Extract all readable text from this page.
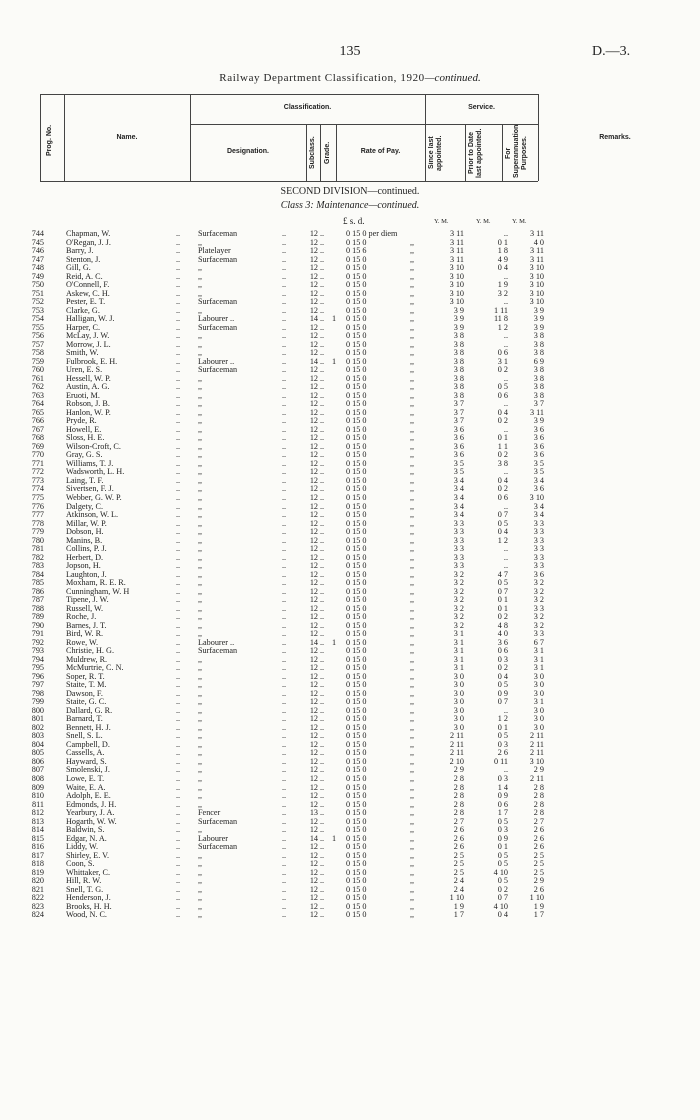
135	D.—3.
Railway Department Classification, 1920—continued.
Prog. No.	Name.
Classification.	Service.
Designation.	Subclass. Grade.	Rate of Pay.	Since last appointed.	Prior to Date last appointed.	For Superannuation Purposes.	Remarks.
SECOND DIVISION—continued.
Class 3: Maintenance—continued.
£ s. d.	Y. M.	Y. M.	Y. M.
744	Chapman, W.	.. Surfaceman	..	12 ..	0 15 0 per diem	3 11	..	3 11
745	O'Regan, J. J.	.. ,,	..	12 ..	0 15 0	,,	3 11	0 1	4 0
746	Barry, J.	.. Platelayer	..	12 ..	0 15 6	,,	3 11	1 8	3 11
747	Stenton, J.	.. Surfaceman	..	12 ..	0 15 0	,,	3 11	4 9	3 11
748	Gill, G.	.. ,,	..	12 ..	0 15 0	,,	3 10	0 4	3 10
749	Reid, A. C.	.. ,,	..	12 ..	0 15 0	,,	3 10	..	3 10
750	O'Connell, F.	.. ,,	..	12 ..	0 15 0	,,	3 10	1 9	3 10
751	Askew, C. H.	.. ,,	..	12 ..	0 15 0	,,	3 10	3 2	3 10
752	Pester, E. T.	.. Surfaceman	..	12 ..	0 15 0	,,	3 10	..	3 10
753	Clarke, G.	.. ,,	..	12 ..	0 15 0	,,	3 9	1 11	3 9
754	Halligan, W. J.	.. Labourer ..	..	14 .. 1 0 15 0	,,	3 9	11 8	3 9
755	Harper, C.	.. Surfaceman	..	12 ..	0 15 0	,,	3 9	1 2	3 9
756	McLay, J. W.	.. ,,	..	12 ..	0 15 0	,,	3 8	..	3 8
757	Morrow, J. L.	.. ,,	..	12 ..	0 15 0	,,	3 8	..	3 8
758	Smith, W.	.. ,,	..	12 ..	0 15 0	,,	3 8	0 6	3 8
759	Fulbrook, E. H.	.. Labourer ..	..	14 .. 1 0 15 0	,,	3 8	3 1	6 9
760	Uren, E. S.	.. Surfaceman	..	12 ..	0 15 0	,,	3 8	0 2	3 8
761	Hessell, W. P.	.. ,,	..	12 ..	0 15 0	,,	3 8	..	3 8
762	Austin, A. G.	.. ,,	..	12 ..	0 15 0	,,	3 8	0 5	3 8
763	Eruoti, M.	.. ,,	..	12 ..	0 15 0	,,	3 8	0 6	3 8
764	Robson, J. B.	.. ,,	..	12 ..	0 15 0	,,	3 7	..	3 7
765	Hanlon, W. P.	.. ,,	..	12 ..	0 15 0	,,	3 7	0 4	3 11
766	Pryde, R.	.. ,,	..	12 ..	0 15 0	,,	3 7	0 2	3 9
767	Howell, E.	.. ,,	..	12 ..	0 15 0	,,	3 6	..	3 6
768	Sloss, H. E.	.. ,,	..	12 ..	0 15 0	,,	3 6	0 1	3 6
769	Wilson-Croft, C.	.. ,,	..	12 ..	0 15 0	,,	3 6	1 1	3 6
770	Gray, G. S.	.. ,,	..	12 ..	0 15 0	,,	3 6	0 2	3 6
771	Williams, T. J.	.. ,,	..	12 ..	0 15 0	,,	3 5	3 8	3 5
772	Wadsworth, L. H.	.. ,,	..	12 ..	0 15 0	,,	3 5	..	3 5
773	Laing, T. F.	.. ,,	..	12 ..	0 15 0	,,	3 4	0 4	3 4
774	Sivertsen, F. J.	.. ,,	..	12 ..	0 15 0	,,	3 4	0 2	3 6
775	Webber, G. W. P.	.. ,,	..	12 ..	0 15 0	,,	3 4	0 6	3 10
776	Dalgety, C.	.. ,,	..	12 ..	0 15 0	,,	3 4	..	3 4
777	Atkinson, W. L.	.. ,,	..	12 ..	0 15 0	,,	3 4	0 7	3 4
778	Millar, W. P.	.. ,,	..	12 ..	0 15 0	,,	3 3	0 5	3 3
779	Dobson, H.	.. ,,	..	12 ..	0 15 0	,,	3 3	0 4	3 3
780	Manins, B.	.. ,,	..	12 ..	0 15 0	,,	3 3	1 2	3 3
781	Collins, P. J.	.. ,,	..	12 ..	0 15 0	,,	3 3	..	3 3
782	Herbert, D.	.. ,,	..	12 ..	0 15 0	,,	3 3	..	3 3
783	Jopson, H.	.. ,,	..	12 ..	0 15 0	,,	3 3	..	3 3
784	Laughton, J.	.. ,,	..	12 ..	0 15 0	,,	3 2	4 7	3 6
785	Moxham, R. E. R.	.. ,,	..	12 ..	0 15 0	,,	3 2	0 5	3 2
786	Cunningham, W. H	.. ,,	..	12 ..	0 15 0	,,	3 2	0 7	3 2
787	Tipene, J. W.	.. ,,	..	12 ..	0 15 0	,,	3 2	0 1	3 2
788	Russell, W.	.. ,,	..	12 ..	0 15 0	,,	3 2	0 1	3 3
789	Roche, J.	.. ,,	..	12 ..	0 15 0	,,	3 2	0 2	3 2
790	Barnes, J. T.	.. ,,	..	12 ..	0 15 0	,,	3 2	4 8	3 2
791	Bird, W. R.	.. ,,	..	12 ..	0 15 0	,,	3 1	4 0	3 3
792	Rowe, W.	.. Labourer ..	..	14 .. 1 0 15 0	,,	3 1	3 6	6 7
793	Christie, H. G.	.. Surfaceman	..	12 ..	0 15 0	,,	3 1	0 6	3 1
794	Muldrew, R.	.. ,,	..	12 ..	0 15 0	,,	3 1	0 3	3 1
795	McMurtrie, C. N.	.. ,,	..	12 ..	0 15 0	,,	3 1	0 2	3 1
796	Soper, R. T.	.. ,,	..	12 ..	0 15 0	,,	3 0	0 4	3 0
797	Staite, T. M.	.. ,,	..	12 ..	0 15 0	,,	3 0	0 5	3 0
798	Dawson, F.	.. ,,	..	12 ..	0 15 0	,,	3 0	0 9	3 0
799	Staite, G. C.	.. ,,	..	12 ..	0 15 0	,,	3 0	0 7	3 1
800	Dallard, G. R.	.. ,,	..	12 ..	0 15 0	,,	3 0	..	3 0
801	Barnard, T.	.. ,,	..	12 ..	0 15 0	,,	3 0	1 2	3 0
802	Bennett, H. J.	.. ,,	..	12 ..	0 15 0	,,	3 0	0 1	3 0
803	Snell, S. L.	.. ,,	..	12 ..	0 15 0	,,	2 11	0 5	2 11
804	Campbell, D.	.. ,,	..	12 ..	0 15 0	,,	2 11	0 3	2 11
805	Cassells, A.	.. ,,	..	12 ..	0 15 0	,,	2 11	2 6	2 11
806	Hayward, S.	.. ,,	..	12 ..	0 15 0	,,	2 10	0 11	3 10
807	Smolenski, J.	.. ,,	..	12 ..	0 15 0	,,	2 9	..	2 9
808	Lowe, E. T.	.. ,,	..	12 ..	0 15 0	,,	2 8	0 3	2 11
809	Waite, E. A.	.. ,,	..	12 ..	0 15 0	,,	2 8	1 4	2 8
810	Adolph, E. E.	.. ,,	..	12 ..	0 15 0	,,	2 8	0 9	2 8
811	Edmonds, J. H.	.. ,,	..	12 ..	0 15 0	,,	2 8	0 6	2 8
812	Yearbury, J. A.	.. Fencer	..	13 ..	0 15 0	,,	2 8	1 7	2 8
813	Hogarth, W. W.	.. Surfaceman	..	12 ..	0 15 0	,,	2 7	0 5	2 7
814	Baldwin, S.	.. ,,	..	12 ..	0 15 0	,,	2 6	0 3	2 6
815	Edgar, N. A.	.. Labourer	..	14 .. 1 0 15 0	,,	2 6	0 9	2 6
816	Liddy, W.	.. Surfaceman	..	12 ..	0 15 0	,,	2 6	0 1	2 6
817	Shirley, E. V.	.. ,,	..	12 ..	0 15 0	,,	2 5	0 5	2 5
818	Coon, S.	.. ,,	..	12 ..	0 15 0	,,	2 5	0 5	2 5
819	Whittaker, C.	.. ,,	..	12 ..	0 15 0	,,	2 5	4 10	2 5
820	Hill, R. W.	.. ,,	..	12 ..	0 15 0	,,	2 4	0 5	2 9
821	Snell, T. G.	.. ,,	..	12 ..	0 15 0	,,	2 4	0 2	2 6
822	Henderson, J.	.. ,,	..	12 ..	0 15 0	,,	1 10	0 7	1 10
823	Brooks, H. H.	.. ,,	..	12 ..	0 15 0	,,	1 9	4 10	1 9
824	Wood, N. C.	.. ,,	..	12 ..	0 15 0	,,	1 7	0 4	1 7
